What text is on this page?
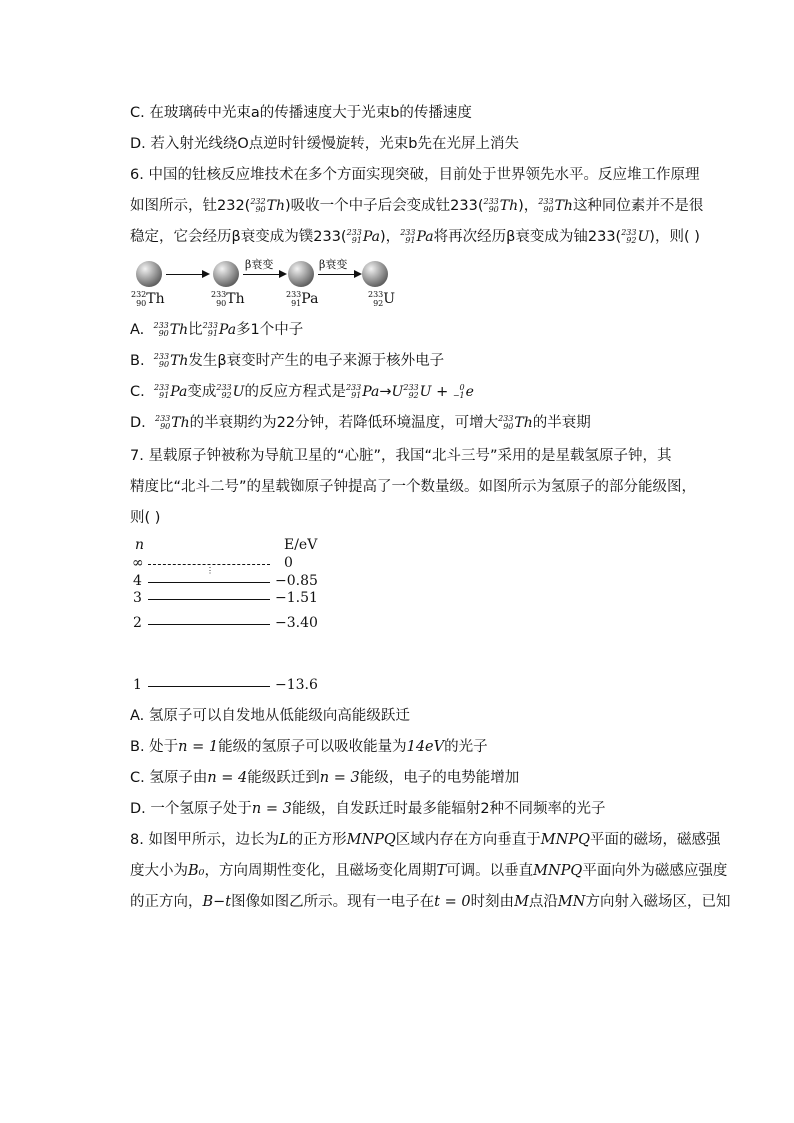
C. 在玻璃砖中光束a的传播速度大于光束b的传播速度
D. 若入射光线绕O点逆时针缓慢旋转，光束b先在光屏上消失
6. 中国的钍核反应堆技术在多个方面实现突破，目前处于世界领先水平。反应堆工作原理
如图所示，钍232( 232
90 Th)吸收一个中子后会变成钍233( 233
90 Th)， 233
90 Th这种同位素并不是很
稳定，它会经历β衰变成为镤233( 233
91 Pa)， 233
91 Pa将再次经历β衰变成为铀233( 233
92 U)，则( )
β衰变	β衰变
232
90 Th	233
90 Th	233
91 Pa	233
92 U
A. 233
90 Th比 233
91 Pa多1个中子
B. 233
90 Th发生β衰变时产生的电子来源于核外电子
C. 233
91 Pa变成 233
92 U的反应方程式是 233
91 Pa→U 233
92 U +	0
−1 e
D. 233
90 Th的半衰期约为22分钟，若降低环境温度，可增大 233
90 Th的半衰期
7. 星载原子钟被称为导航卫星的“心脏”，我国“北斗三号”采用的是星载氢原子钟，其
精度比“北斗二号”的星载铷原子钟提高了一个数量级。如图所示为氢原子的部分能级图，
则( )
n	E/eV
∞	0
⋮
4	−0.85
3	−1.51
2	−3.40
1	−13.6
A. 氢原子可以自发地从低能级向高能级跃迁
B. 处于n = 1能级的氢原子可以吸收能量为14eV的光子
C. 氢原子由n = 4能级跃迁到n = 3能级，电子的电势能增加
D. 一个氢原子处于n = 3能级，自发跃迁时最多能辐射2种不同频率的光子
8. 如图甲所示，边长为L的正方形MNPQ区域内存在方向垂直于MNPQ平面的磁场，磁感强
度大小为B₀，方向周期性变化，且磁场变化周期T可调。以垂直MNPQ平面向外为磁感应强度
的正方向，B−t图像如图乙所示。现有一电子在t = 0时刻由M点沿MN方向射入磁场区，已知
